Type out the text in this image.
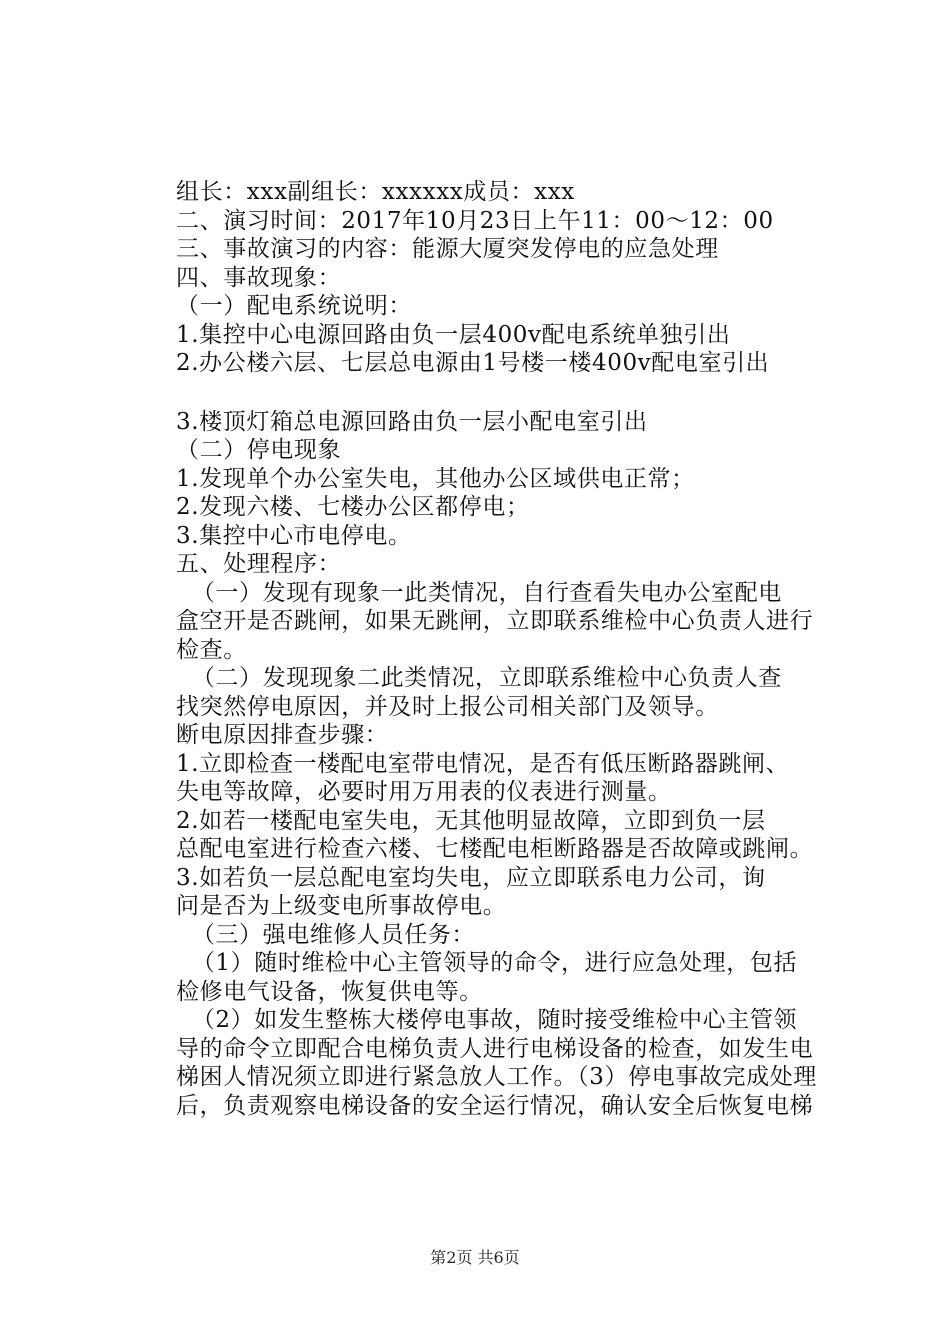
组长：xxx副组长：xxxxxx成员：xxx
二、演习时间：2017年10月23日上午11：00～12：00
三、事故演习的内容：能源大厦突发停电的应急处理
四、事故现象：
（一）配电系统说明：
1.集控中心电源回路由负一层400v配电系统单独引出
2.办公楼六层、七层总电源由1号楼一楼400v配电室引出
3.楼顶灯箱总电源回路由负一层小配电室引出
（二）停电现象
1.发现单个办公室失电，其他办公区域供电正常；
2.发现六楼、七楼办公区都停电；
3.集控中心市电停电。
五、处理程序：
（一）发现有现象一此类情况，自行查看失电办公室配电
盒空开是否跳闸，如果无跳闸，立即联系维检中心负责人进行
检查。
（二）发现现象二此类情况，立即联系维检中心负责人查
找突然停电原因，并及时上报公司相关部门及领导。
断电原因排查步骤：
1.立即检查一楼配电室带电情况，是否有低压断路器跳闸、
失电等故障，必要时用万用表的仪表进行测量。
2.如若一楼配电室失电，无其他明显故障，立即到负一层
总配电室进行检查六楼、七楼配电柜断路器是否故障或跳闸。
3.如若负一层总配电室均失电，应立即联系电力公司，询
问是否为上级变电所事故停电。
（三）强电维修人员任务：
（1）随时维检中心主管领导的命令，进行应急处理，包括
检修电气设备，恢复供电等。
（2）如发生整栋大楼停电事故，随时接受维检中心主管领
导的命令立即配合电梯负责人进行电梯设备的检查，如发生电
梯困人情况须立即进行紧急放人工作。（3）停电事故完成处理
后，负责观察电梯设备的安全运行情况，确认安全后恢复电梯
第2页 共6页
